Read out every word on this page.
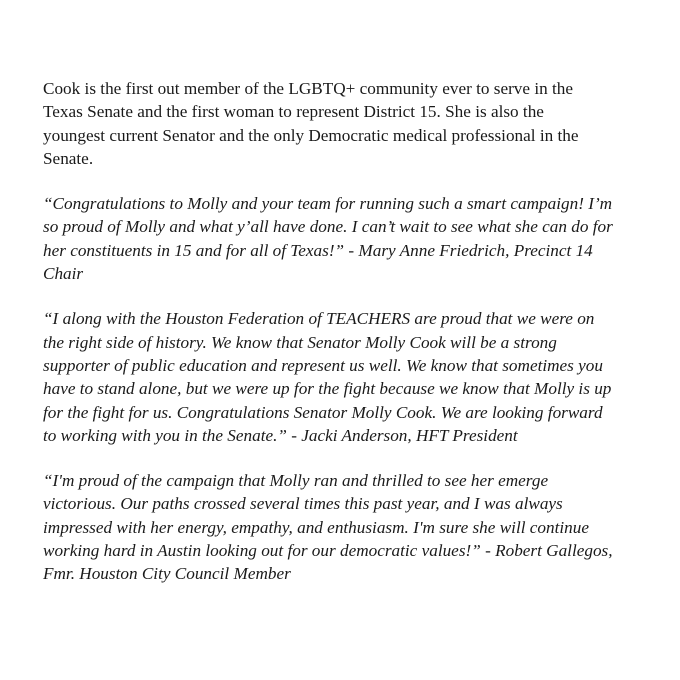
Cook is the first out member of the LGBTQ+ community ever to serve in the
Texas Senate and the first woman to represent District 15. She is also the
youngest current Senator and the only Democratic medical professional in the
Senate.

“Congratulations to Molly and your team for running such a smart campaign! I’m
so proud of Molly and what y’all have done. I can’t wait to see what she can do for
her constituents in 15 and for all of Texas!” - Mary Anne Friedrich, Precinct 14
Chair

“I along with the Houston Federation of TEACHERS are proud that we were on
the right side of history. We know that Senator Molly Cook will be a strong
supporter of public education and represent us well. We know that sometimes you
have to stand alone, but we were up for the fight because we know that Molly is up
for the fight for us. Congratulations Senator Molly Cook. We are looking forward
to working with you in the Senate.” - Jacki Anderson, HFT President

“I'm proud of the campaign that Molly ran and thrilled to see her emerge
victorious. Our paths crossed several times this past year, and I was always
impressed with her energy, empathy, and enthusiasm. I'm sure she will continue
working hard in Austin looking out for our democratic values!” - Robert Gallegos,
Fmr. Houston City Council Member
